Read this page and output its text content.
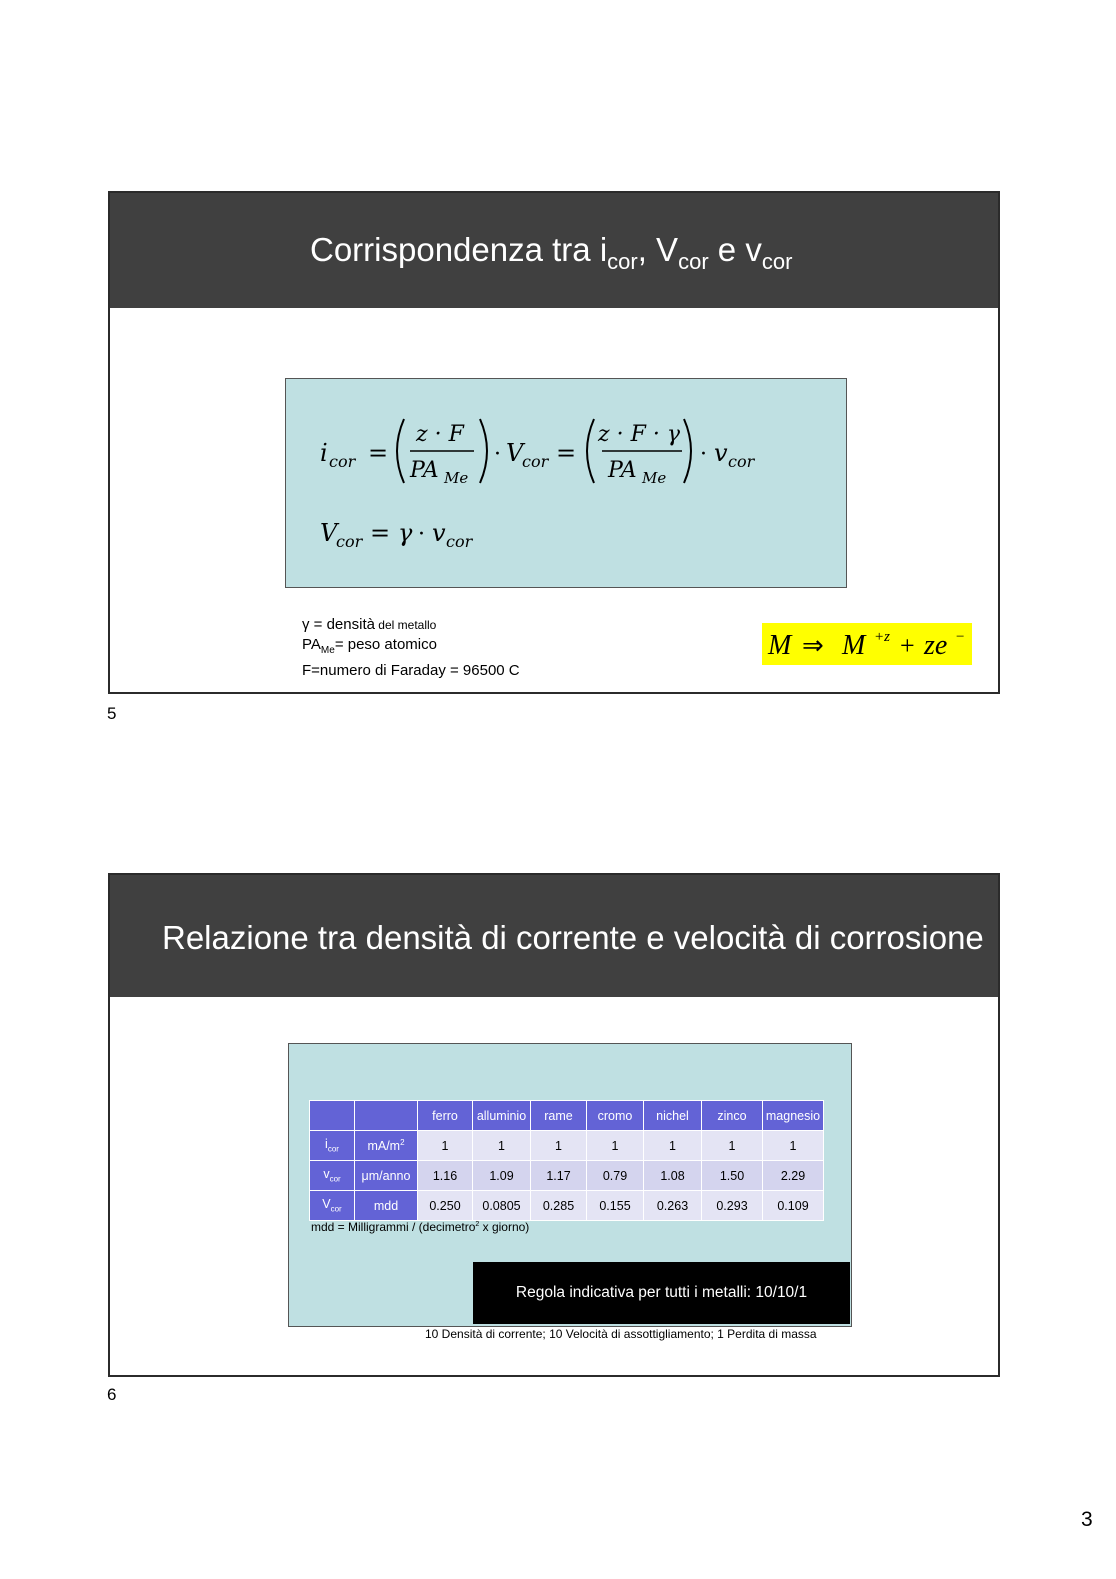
Corrispondenza tra $i_{cor}$, $V_{cor}$ e $v_{cor}$
i cor =
z · F
PA Me
· V
cor =
z · F · γ
PA Me
· v cor
V
cor = γ · v cor
γ = densità del metallo
$PA_{Me}=$ peso atomico
F=numero di Faraday = 96500 C
M ⇒ M +z + ze −
5
Relazione tra densità di corrente e velocità di corrosione
		ferro	alluminio	rame	cromo	nichel	zinco	magnesio
$i_{cor}$	$mA/m^2$	1	1	1	1	1	1	1
$v_{cor}$	μm/anno	1.16	1.09	1.17	0.79	1.08	1.50	2.29
$V_{cor}$	mdd	0.250	0.0805	0.285	0.155	0.263	0.293	0.109
mdd = Milligrammi / (decimetro$^2$ x giorno)
Regola indicativa per tutti i metalli: 10/10/1
10 Densità di corrente; 10 Velocità di assottigliamento; 1 Perdita di massa
6
3
